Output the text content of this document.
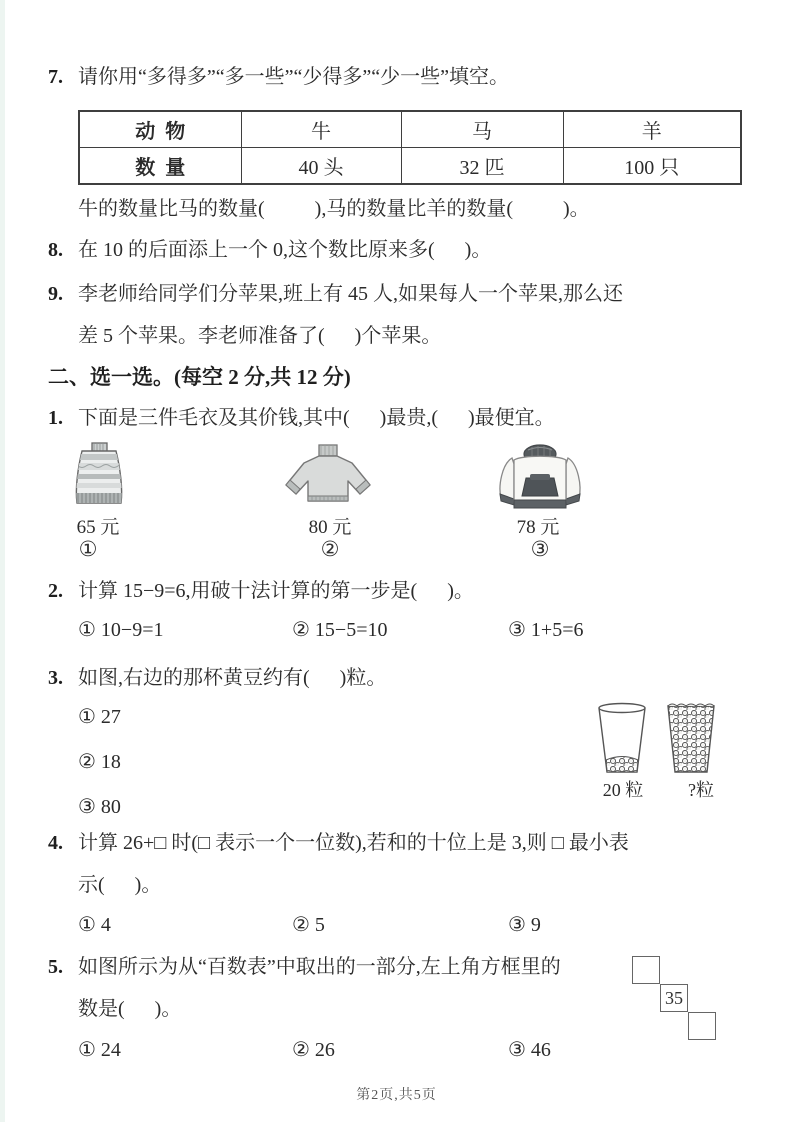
7. 请你用“多得多”“多一些”“少得多”“少一些”填空。
动  物	牛	马	羊
数  量	40 头	32 匹	100 只
牛的数量比马的数量(          ),马的数量比羊的数量(          )。
8. 在 10 的后面添上一个 0,这个数比原来多(      )。
9. 李老师给同学们分苹果,班上有 45 人,如果每人一个苹果,那么还
差 5 个苹果。李老师准备了(      )个苹果。
二、选一选。(每空 2 分,共 12 分)
1. 下面是三件毛衣及其价钱,其中(      )最贵,(      )最便宜。
65 元	80 元	78 元
①	②	③
2. 计算 15−9=6,用破十法计算的第一步是(      )。
① 10−9=1	② 15−5=10	③ 1+5=6
3. 如图,右边的那杯黄豆约有(      )粒。
① 27
② 18
③ 80
20 粒	?粒
4. 计算 26+□ 时(□ 表示一个一位数),若和的十位上是 3,则 □ 最小表
示(      )。
① 4	② 5	③ 9
5. 如图所示为从“百数表”中取出的一部分,左上角方框里的
数是(      )。
① 24	② 26	③ 46
35
第2页,共5页
